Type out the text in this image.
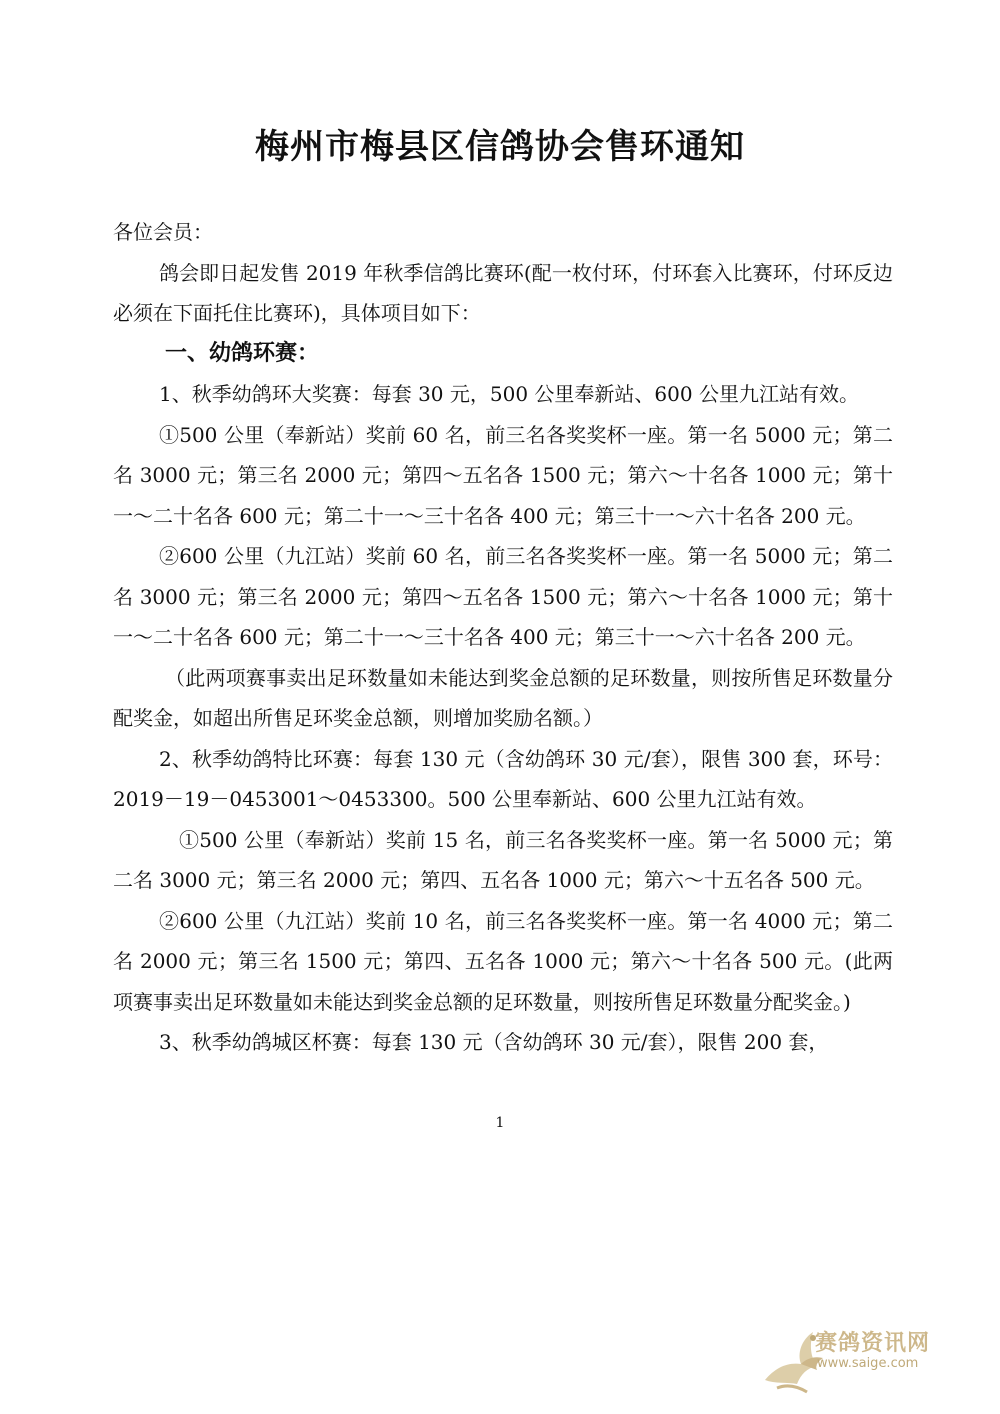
梅州市梅县区信鸽协会售环通知

各位会员：

鸽会即日起发售 2019 年秋季信鸽比赛环(配一枚付环，付环套入比赛环，付环反边必须在下面托住比赛环)，具体项目如下：

一、幼鸽环赛：

1、秋季幼鸽环大奖赛：每套 30 元，500 公里奉新站、600 公里九江站有效。

①500 公里（奉新站）奖前 60 名，前三名各奖奖杯一座。第一名 5000 元；第二名 3000 元；第三名 2000 元；第四～五名各 1500 元；第六～十名各 1000 元；第十一～二十名各 600 元；第二十一～三十名各 400 元；第三十一～六十名各 200 元。

②600 公里（九江站）奖前 60 名，前三名各奖奖杯一座。第一名 5000 元；第二名 3000 元；第三名 2000 元；第四～五名各 1500 元；第六～十名各 1000 元；第十一～二十名各 600 元；第二十一～三十名各 400 元；第三十一～六十名各 200 元。

（此两项赛事卖出足环数量如未能达到奖金总额的足环数量，则按所售足环数量分配奖金，如超出所售足环奖金总额，则增加奖励名额。）

2、秋季幼鸽特比环赛：每套 130 元（含幼鸽环 30 元/套），限售 300 套，环号：2019－19－0453001～0453300。500 公里奉新站、600 公里九江站有效。

①500 公里（奉新站）奖前 15 名，前三名各奖奖杯一座。第一名 5000 元；第二名 3000 元；第三名 2000 元；第四、五名各 1000 元；第六～十五名各 500 元。

②600 公里（九江站）奖前 10 名，前三名各奖奖杯一座。第一名 4000 元；第二名 2000 元；第三名 1500 元；第四、五名各 1000 元；第六～十名各 500 元。(此两项赛事卖出足环数量如未能达到奖金总额的足环数量，则按所售足环数量分配奖金。)

3、秋季幼鸽城区杯赛：每套 130 元（含幼鸽环 30 元/套），限售 200 套，

1
赛鸽资讯网
www.saige.com
